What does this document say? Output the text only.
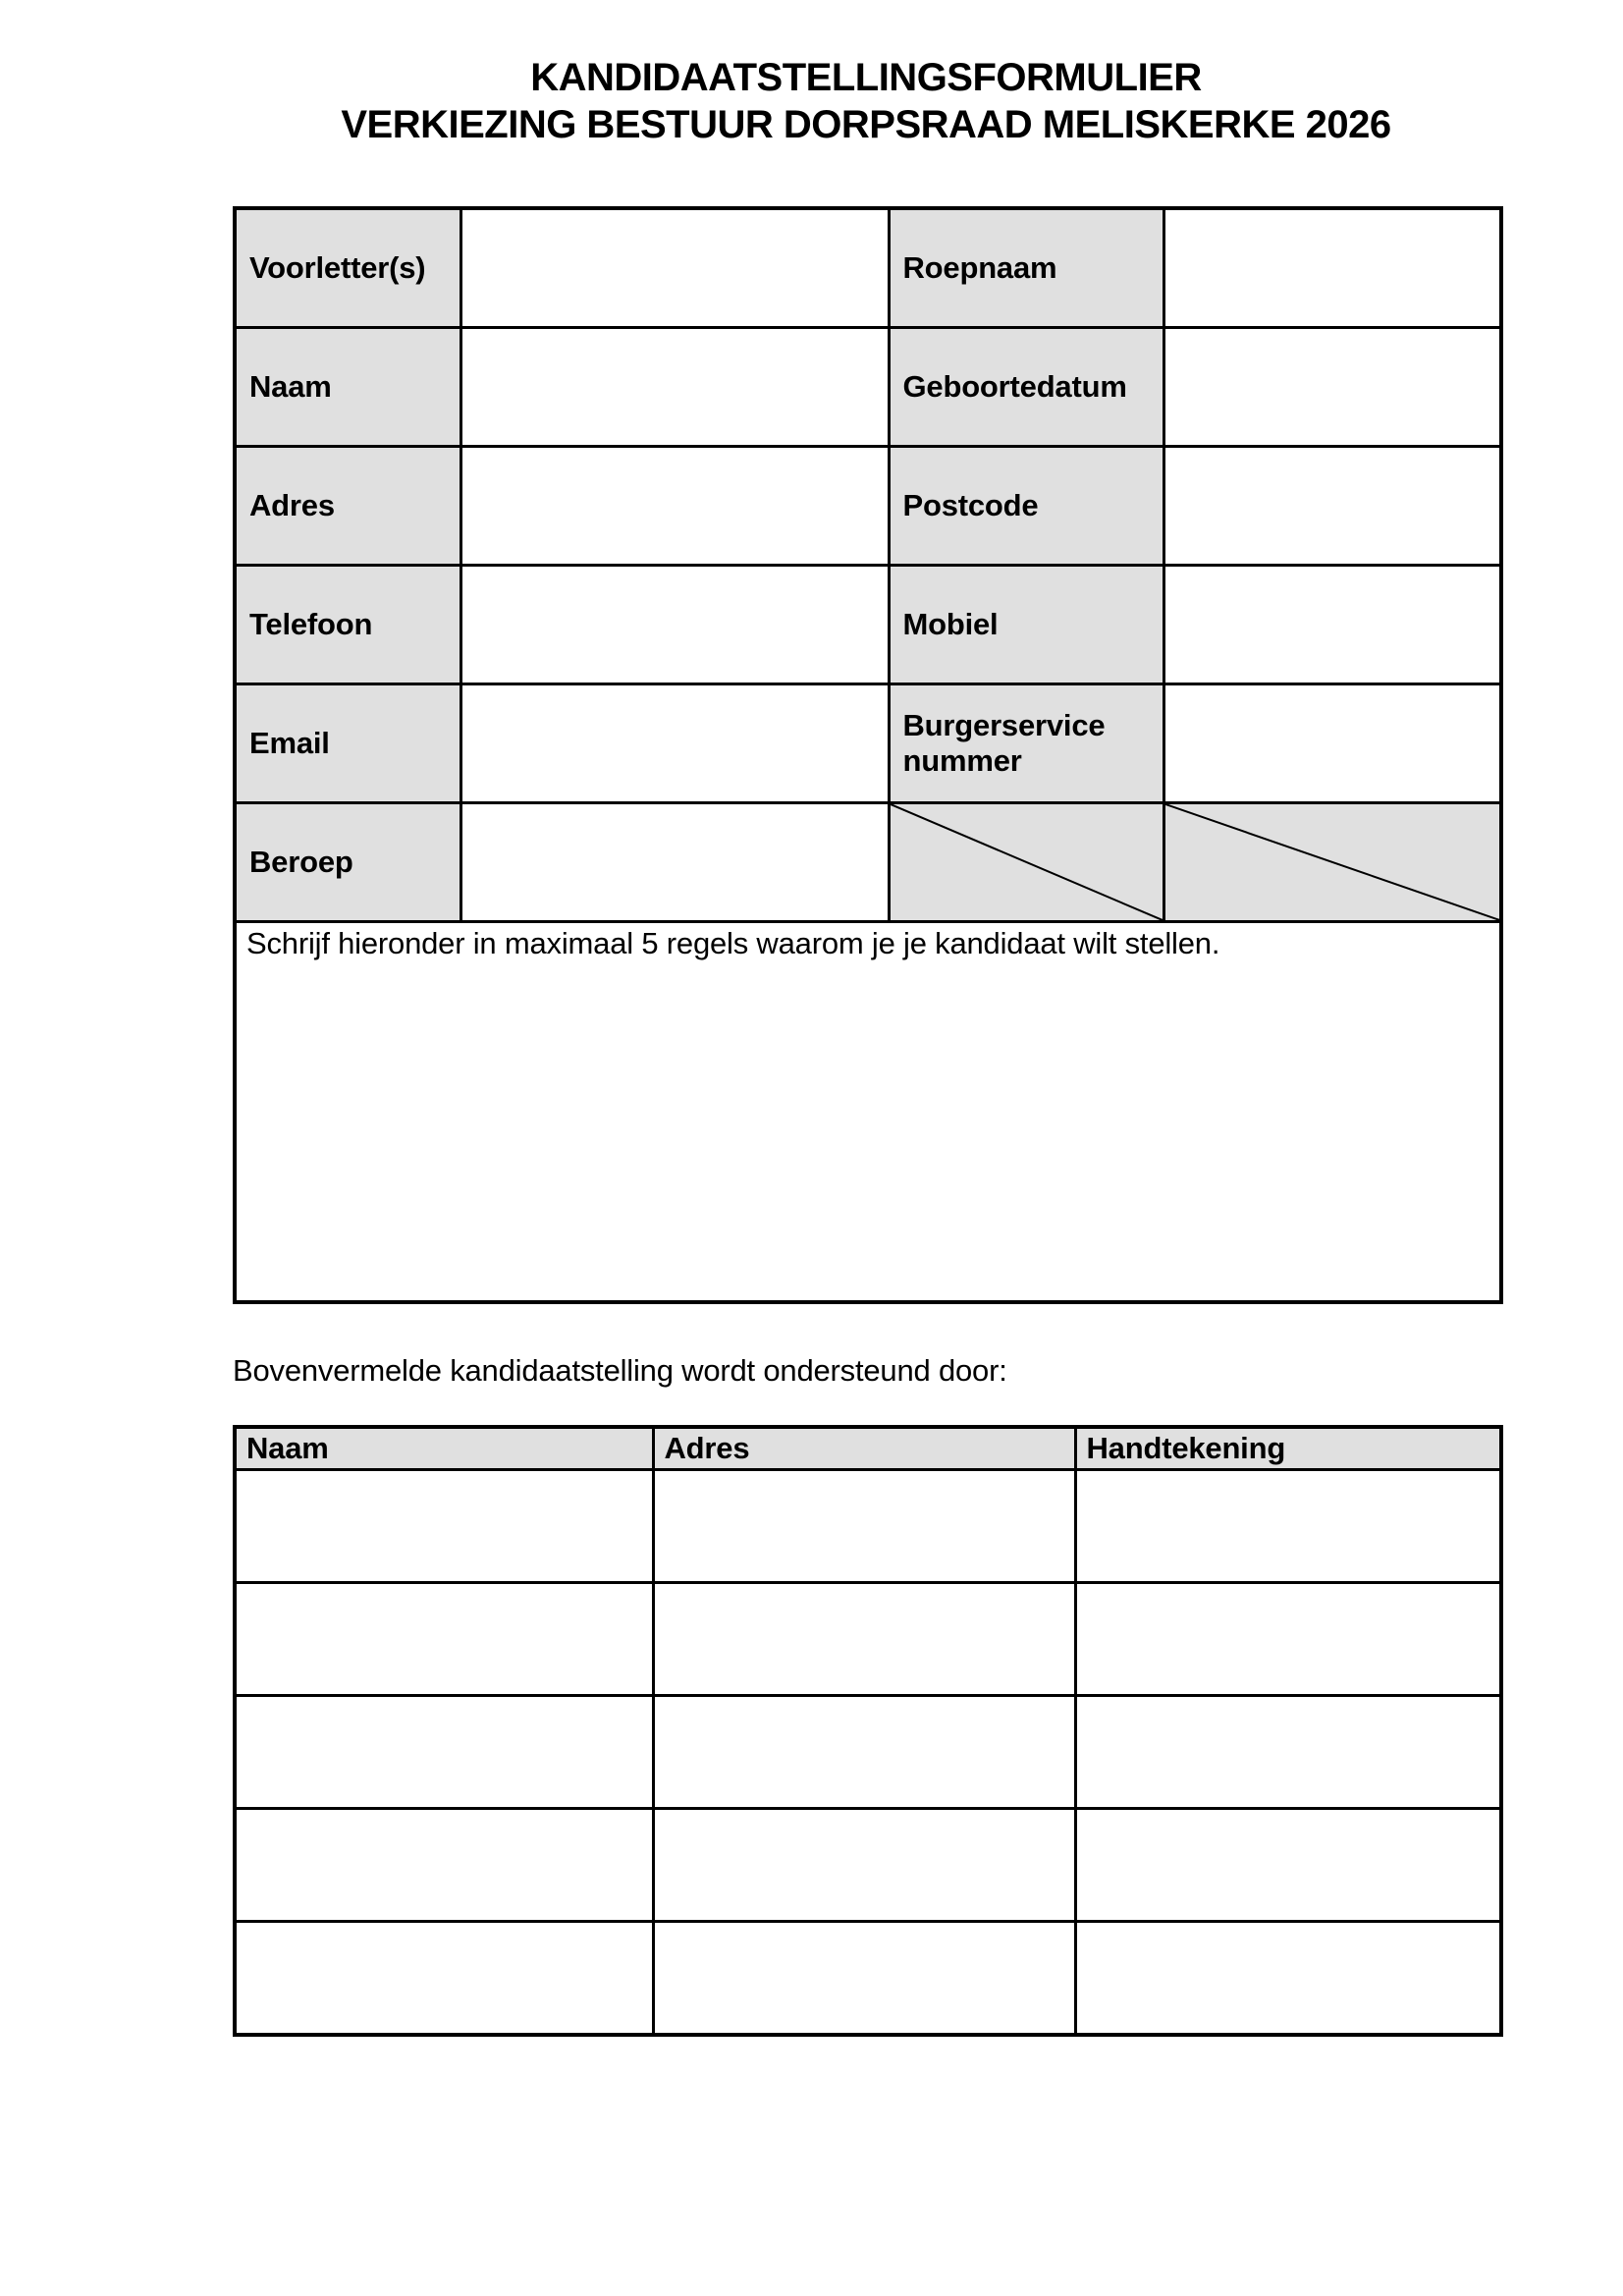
KANDIDAATSTELLINGSFORMULIER
VERKIEZING BESTUUR DORPSRAAD MELISKERKE 2026
Voorletter(s)		Roepnaam	
Naam		Geboortedatum	
Adres		Postcode	
Telefoon		Mobiel	
Email		Burgerservice nummer	
Beroep		

Schrijf hieronder in maximaal 5 regels waarom je je kandidaat wilt stellen.			

Bovenvermelde kandidaatstelling wordt ondersteund door:

Naam	Adres	Handtekening
